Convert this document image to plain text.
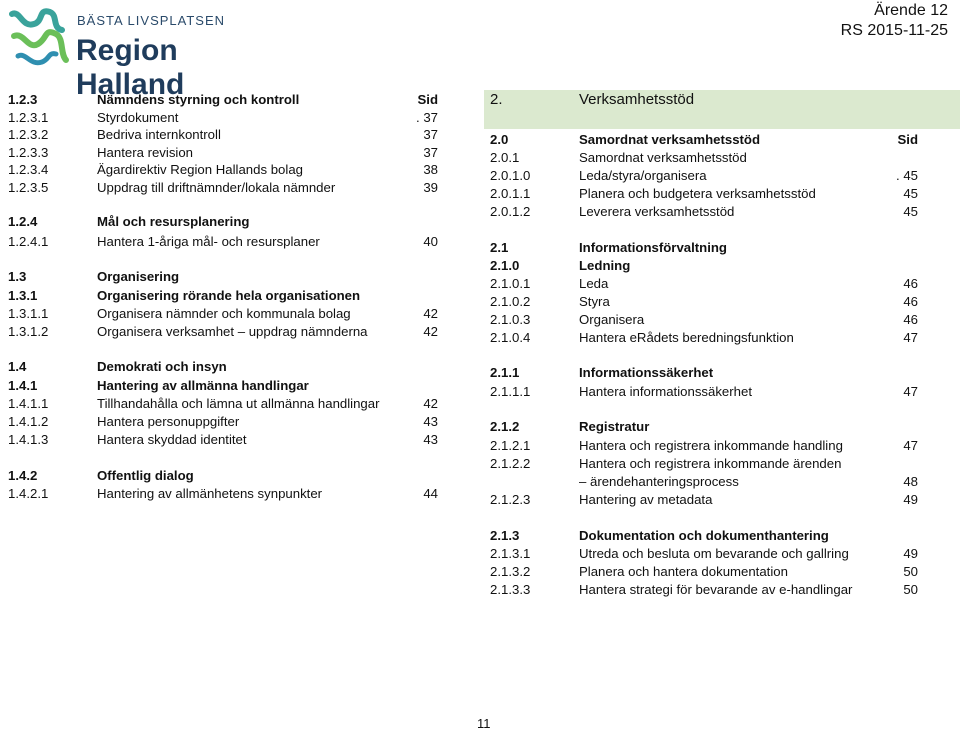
BÄSTA LIVSPLATSEN
Region Halland
Ärende 12
RS 2015-11-25
1.2.3	Nämndens styrning och kontroll	Sid
1.2.3.1	Styrdokument	. 37
1.2.3.2	Bedriva internkontroll	37
1.2.3.3	Hantera revision	37
1.2.3.4	Ägardirektiv Region Hallands bolag	38
1.2.3.5	Uppdrag till driftnämnder/lokala nämnder	39
1.2.4	Mål och resursplanering
1.2.4.1	Hantera 1-åriga mål- och resursplaner	40
1.3	Organisering
1.3.1	Organisering rörande hela organisationen
1.3.1.1	Organisera nämnder och kommunala bolag	42
1.3.1.2	Organisera verksamhet – uppdrag nämnderna	42
1.4	Demokrati och insyn
1.4.1	Hantering av allmänna handlingar
1.4.1.1	Tillhandahålla och lämna ut allmänna handlingar	42
1.4.1.2	Hantera personuppgifter	43
1.4.1.3	Hantera skyddad identitet	43
1.4.2	Offentlig dialog
1.4.2.1	Hantering av allmänhetens synpunkter	44
2.	Verksamhetsstöd
2.0	Samordnat verksamhetsstöd	Sid
2.0.1	Samordnat verksamhetsstöd
2.0.1.0	Leda/styra/organisera	. 45
2.0.1.1	Planera och budgetera verksamhetsstöd	45
2.0.1.2	Leverera verksamhetsstöd	45
2.1	Informationsförvaltning
2.1.0	Ledning
2.1.0.1	Leda	46
2.1.0.2	Styra	46
2.1.0.3	Organisera	46
2.1.0.4	Hantera eRådets beredningsfunktion	47
2.1.1	Informationssäkerhet
2.1.1.1	Hantera informationssäkerhet	47
2.1.2	Registratur
2.1.2.1	Hantera och registrera inkommande handling	47
2.1.2.2	Hantera och registrera inkommande ärenden
– ärendehanteringsprocess	48
2.1.2.3	Hantering av metadata	49
2.1.3	Dokumentation och dokumenthantering
2.1.3.1	Utreda och besluta om bevarande och gallring	49
2.1.3.2	Planera och hantera dokumentation	50
2.1.3.3	Hantera strategi för bevarande av e-handlingar	50
11
